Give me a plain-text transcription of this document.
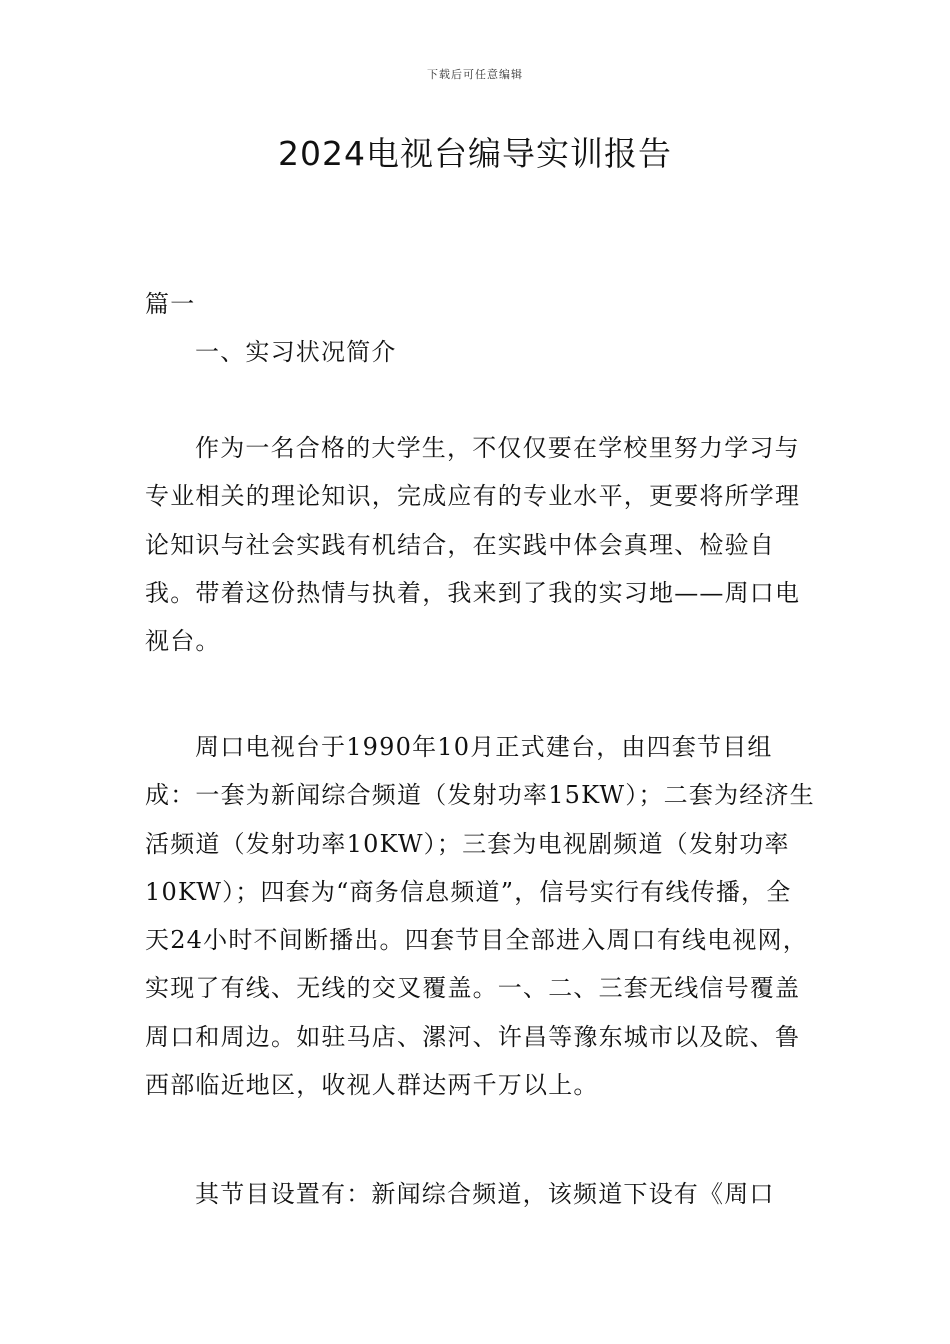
下载后可任意编辑
2024电视台编导实训报告

篇一

一、实习状况简介

作为一名合格的大学生，不仅仅要在学校里努力学习与专业相关的理论知识，完成应有的专业水平，更要将所学理论知识与社会实践有机结合，在实践中体会真理、检验自我。带着这份热情与执着，我来到了我的实习地——周口电视台。

周口电视台于1990年10月正式建台，由四套节目组成：一套为新闻综合频道（发射功率15KW）；二套为经济生活频道（发射功率10KW）；三套为电视剧频道（发射功率10KW）；四套为“商务信息频道”，信号实行有线传播，全天24小时不间断播出。四套节目全部进入周口有线电视网，实现了有线、无线的交叉覆盖。一、二、三套无线信号覆盖周口和周边。如驻马店、漯河、许昌等豫东城市以及皖、鲁西部临近地区，收视人群达两千万以上。

其节目设置有：新闻综合频道，该频道下设有《周口
